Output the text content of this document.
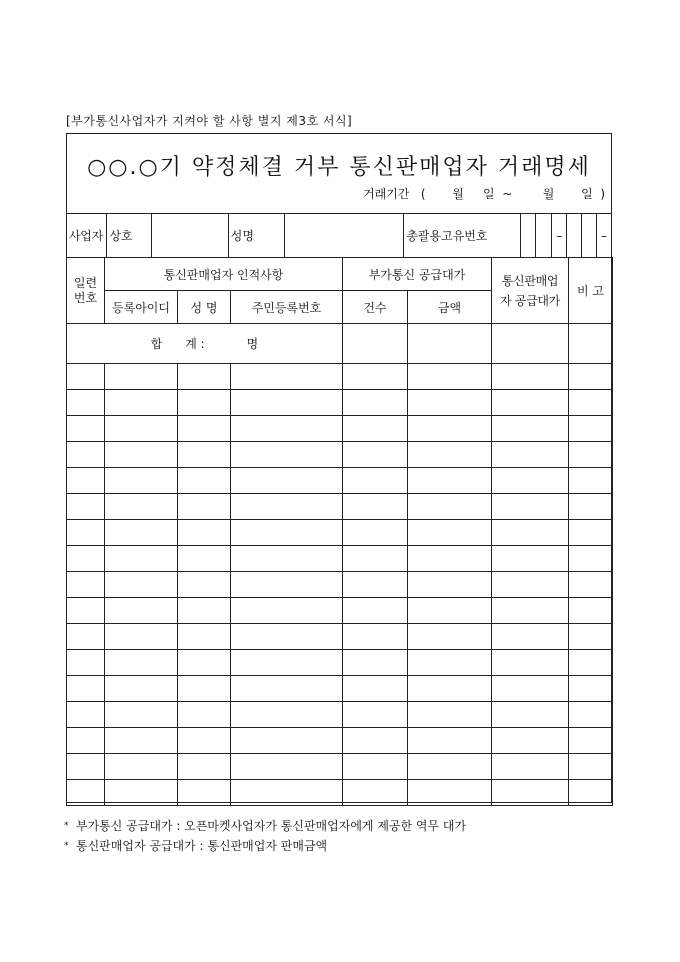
[부가통신사업자가 지켜야 할 사항 별지 제3호 서식]
○○.○기 약정체결 거부 통신판매업자 거래명세
거래기간
(
월
일
~
	월
일
)
사업자	상호		성명		총괄용고유번호			–			–
일련번호	통신판매업자 인적사항			부가통신 공급대가		통신판매업자 공급대가	비 고
	등록아이디	성 명	주민등록번호	건수	금액		
합 계 : 명							

* 부가통신 공급대가 : 오픈마켓사업자가 통신판매업자에게 제공한 역무 대가
* 통신판매업자 공급대가 : 통신판매업자 판매금액
